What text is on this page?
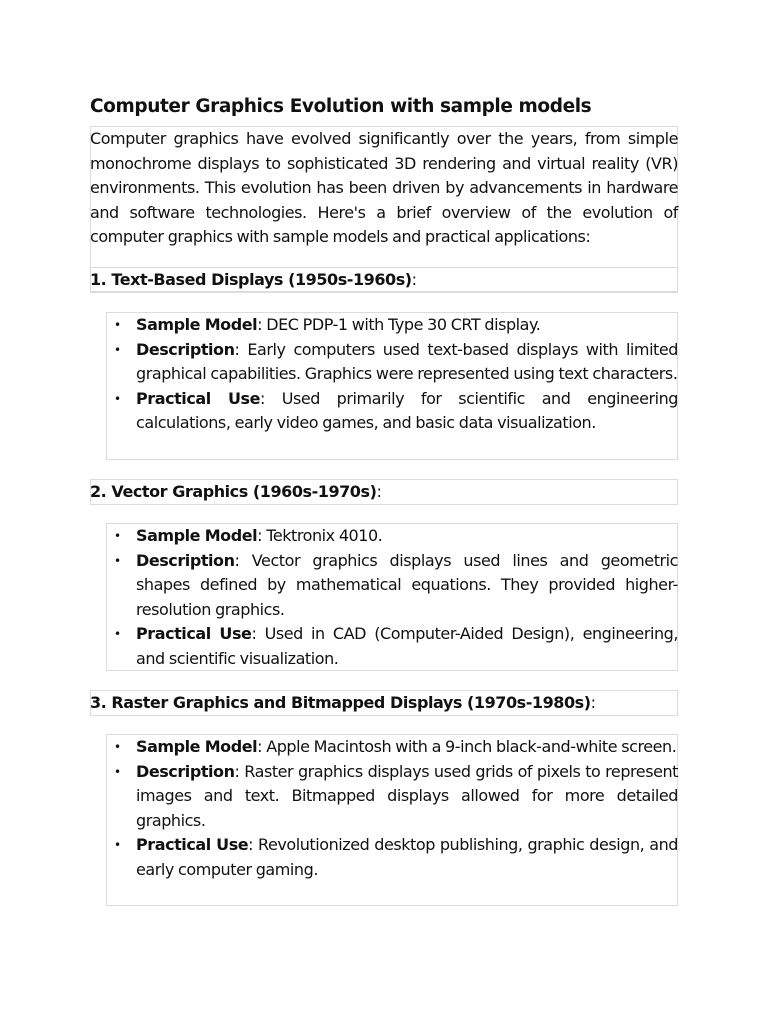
Computer Graphics Evolution with sample models

Computer graphics have evolved significantly over the years, from simple monochrome displays to sophisticated 3D rendering and virtual reality (VR) environments. This evolution has been driven by advancements in hardware and software technologies. Here's a brief overview of the evolution of computer graphics with sample models and practical applications:

1. Text-Based Displays (1950s-1960s):
• Sample Model: DEC PDP-1 with Type 30 CRT display.
• Description: Early computers used text-based displays with limited graphical capabilities. Graphics were represented using text characters.
• Practical Use: Used primarily for scientific and engineering calculations, early video games, and basic data visualization.
2. Vector Graphics (1960s-1970s):
• Sample Model: Tektronix 4010.
• Description: Vector graphics displays used lines and geometric shapes defined by mathematical equations. They provided higher-resolution graphics.
• Practical Use: Used in CAD (Computer-Aided Design), engineering, and scientific visualization.
3. Raster Graphics and Bitmapped Displays (1970s-1980s):
• Sample Model: Apple Macintosh with a 9-inch black-and-white screen.
• Description: Raster graphics displays used grids of pixels to represent images and text. Bitmapped displays allowed for more detailed graphics.
• Practical Use: Revolutionized desktop publishing, graphic design, and early computer gaming.
